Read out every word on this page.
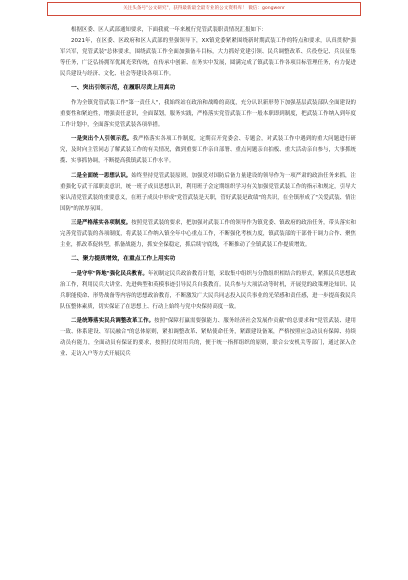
关注头条号"公文研究"，获得最新最全最专业的公文资料库！ 微信：gongwenr

根据区委、区人武部通知要求，下面我就一年来履行党管武装职责情况汇报如下：

2021年，在区委、区政府和区人武部的坚强领导下，XX镇党委紧紧围绕新时期武装工作的特点和要求，认真贯彻"强军兴军，党管武装"总体要求，围绕武装工作全面加强备斗目标，大力抓好党建引领、民兵调整改革、兵役登记、兵员征集等任务，广泛弘扬拥军优属光荣传统，在传承中创新、在务实中发展，圆满完成了镇武装工作各项目标管理任务，有力促进民兵建设与经济、文化、社会等建设各项工作。

一、突出引领示范，在履职尽责上用真功

作为全镇党管武装工作"第一责任人"，我始终站在政治和战略的高度，充分认识新形势下加强基层武装部队全面建设的重要性和紧迫性，增强责任意识，全面谋划，服务实践，严格落实党管武装工作一般本职即到制度，把武装工作纳入到年度工作计划中，全面落实党管武装各项举措。

一是突出个人引领示范。我严格落实各项工作制度，定期召开党委会、专题会，对武装工作中遇到的重大问题进行研究，及时向主管同志了解武装工作的有关情况，做到重要工作亲自部署、重点问题亲自拍板、重大活动亲自参与，大事抓统揽、实事抓协调，不断提高我镇武装工作水平。

二是全面统一思想认识。始终坚持党管武装原则，加强党对国防后备力量建设的领导作为一项严肃的政治任务来抓，注重强化专武干部职责意识，统一班子成员思想认识，利用班子会定期组织学习有关加强党管武装工作的指示和规定，引导大家认清党管武装的重要意义，在班子成员中形成"党管武装是天职，管好武装是政绩"的共识，在全镇形成了"关爱武装、情注国防"的浓厚氛围。

三是严格落实各项制度。按照党管武装的要求，把加强对武装工作的领导作为镇党委、镇政府的政治任务，带头落实和完善党管武装的各项制度，将武装工作纳入镇全年中心重点工作，不断强化考核力度，镇武装部的干部骨干调力合作、聚焦主业，抓改革促转型，抓备战能力，抓安全保稳定，抓后续守底线，不断推动了全镇武装工作提质增效。

二、聚力提质增效，在重点工作上用实功

一是守牢"阵地"强化民兵教育。年初制定民兵政治教育计划，采取集中组织与分散组织相结合的形式，紧抓民兵思想政治工作，利用民兵大讲堂、先进典型和英模事迹引导民兵自我教育。民兵参与大项活动等时机，开展党的政策理论知识、民兵职能使命、形势战备等内容的思想政治教育，不断激发广大民兵同志投入民兵事业的光荣感和责任感，进一步提高我民兵队伍整体素质，切实保证了在思想上、行动上始终与党中央保持高度一致。

二是统筹落实民兵调整改革工作。按照"保障打赢需要强能力、服务经济社会发展作贡献"的总要求和"党管武装、建用一致、体系建设、军民融合"的总体原则，紧扣调整改革、紧贴使命任务，紧跟建设备案，严格按照应急动员有保障、持续动员有能力，全面动员有保证的要求，按照打仗时用兵的，便于统一指挥组织的原则，联合公安机关等部门，通过深入企业、走访入户等方式开展民兵
